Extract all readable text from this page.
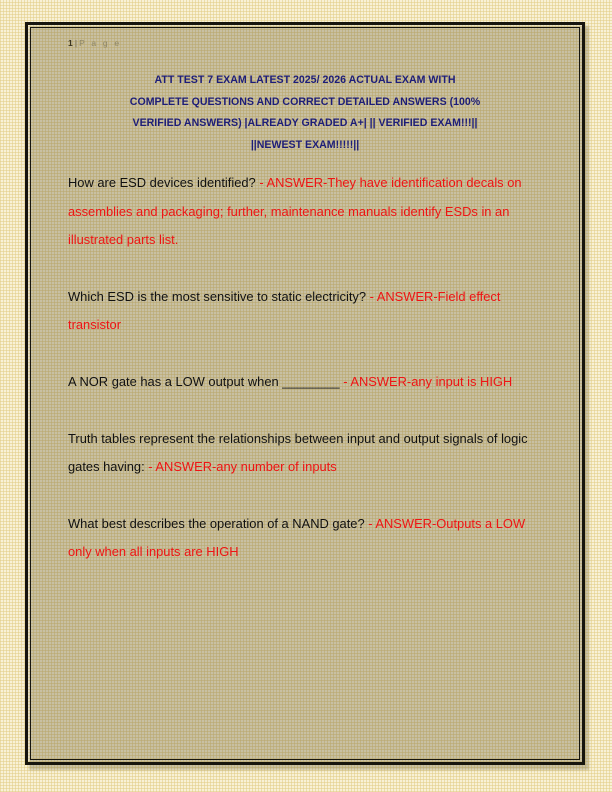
1 | P a g e
ATT TEST 7 EXAM LATEST 2025/ 2026 ACTUAL EXAM WITH
COMPLETE QUESTIONS AND CORRECT DETAILED ANSWERS (100%
VERIFIED ANSWERS) |ALREADY GRADED A+| || VERIFIED EXAM!!!||
||NEWEST EXAM!!!!!||
How are ESD devices identified? - ANSWER-They have identification decals on assemblies and packaging; further, maintenance manuals identify ESDs in an illustrated parts list.
Which ESD is the most sensitive to static electricity? - ANSWER-Field effect transistor
A NOR gate has a LOW output when ________ - ANSWER-any input is HIGH
Truth tables represent the relationships between input and output signals of logic gates having: - ANSWER-any number of inputs
What best describes the operation of a NAND gate? - ANSWER-Outputs a LOW only when all inputs are HIGH
